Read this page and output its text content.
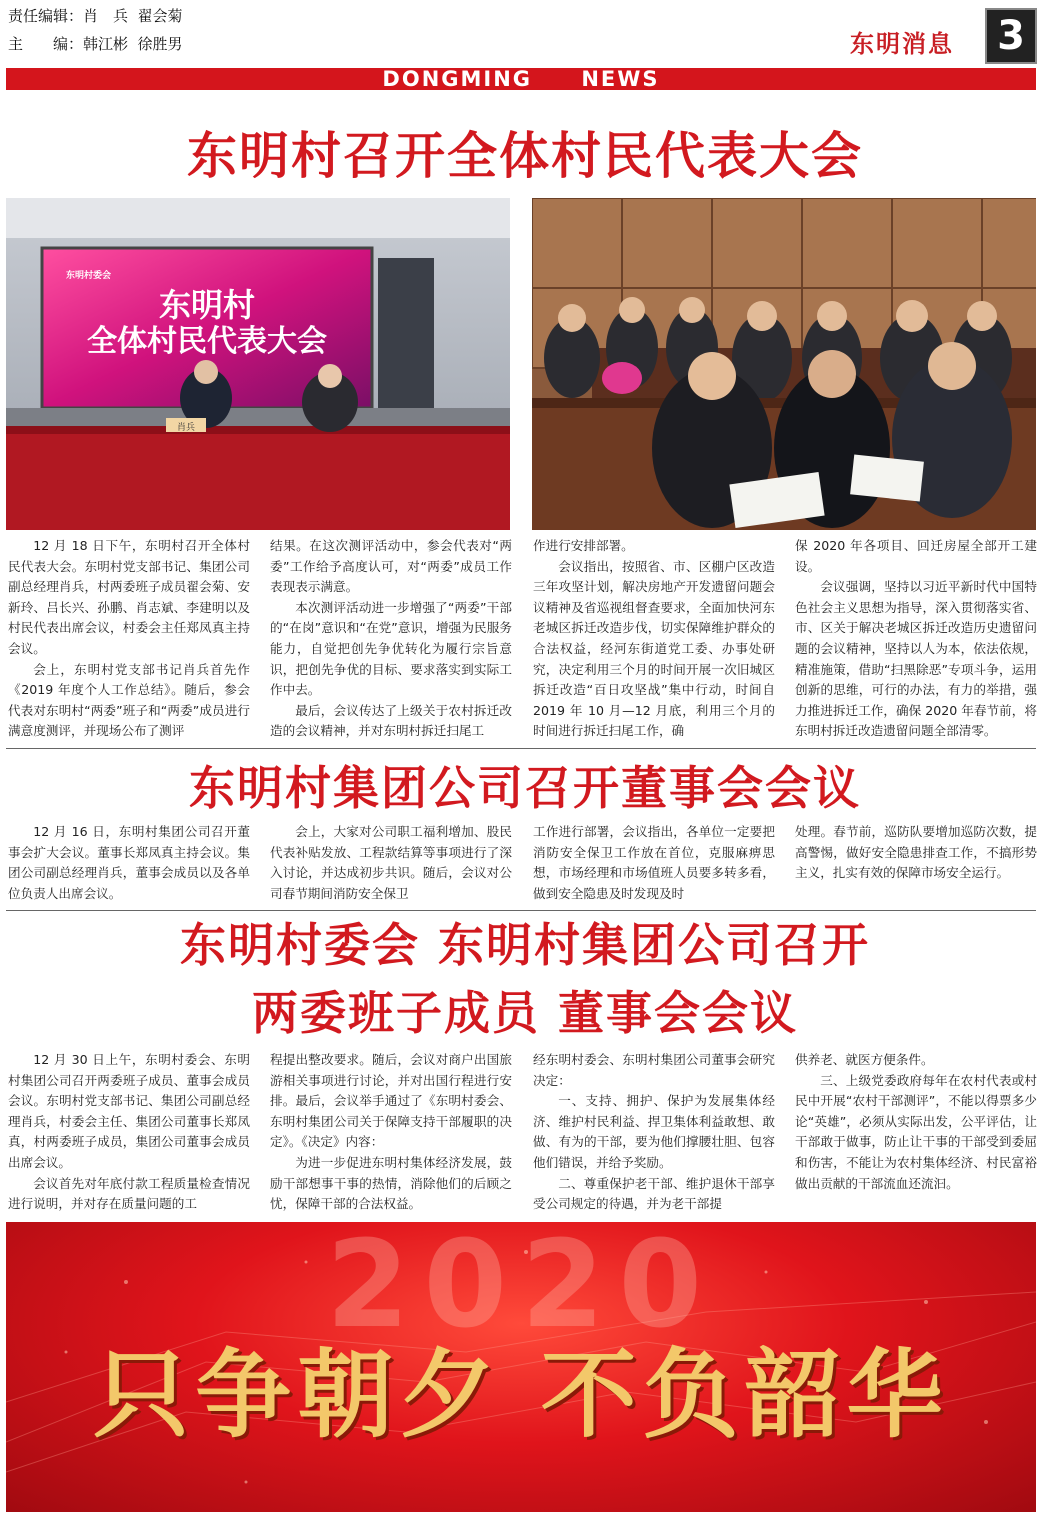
责任编辑：肖　兵  翟会菊
主　　编：韩江彬  徐胜男	东明消息	3
DONGMING NEWS
东明村召开全体村民代表大会
东明村委会
东明村
全体村民代表大会
肖兵

12 月 18 日下午，东明村召开全体村民代表大会。东明村党支部书记、集团公司副总经理肖兵，村两委班子成员翟会菊、安新玲、吕长兴、孙鹏、肖志斌、李建明以及村民代表出席会议，村委会主任郑凤真主持会议。

会上，东明村党支部书记肖兵首先作《2019 年度个人工作总结》。随后，参会代表对东明村“两委”班子和“两委”成员进行满意度测评，并现场公布了测评

结果。在这次测评活动中，参会代表对“两委”工作给予高度认可，对“两委”成员工作表现表示满意。

本次测评活动进一步增强了“两委”干部的“在岗”意识和“在党”意识，增强为民服务能力，自觉把创先争优转化为履行宗旨意识，把创先争优的目标、要求落实到实际工作中去。

最后，会议传达了上级关于农村拆迁改造的会议精神，并对东明村拆迁扫尾工

作进行安排部署。

会议指出，按照省、市、区棚户区改造三年攻坚计划，解决房地产开发遗留问题会议精神及省巡视组督查要求，全面加快河东老城区拆迁改造步伐，切实保障维护群众的合法权益，经河东街道党工委、办事处研究，决定利用三个月的时间开展一次旧城区拆迁改造“百日攻坚战”集中行动，时间自 2019 年 10 月—12 月底，利用三个月的时间进行拆迁扫尾工作，确

保 2020 年各项目、回迁房屋全部开工建设。

会议强调，坚持以习近平新时代中国特色社会主义思想为指导，深入贯彻落实省、市、区关于解决老城区拆迁改造历史遗留问题的会议精神，坚持以人为本，依法依规，精准施策，借助“扫黑除恶”专项斗争，运用创新的思维，可行的办法，有力的举措，强力推进拆迁工作，确保 2020 年春节前，将东明村拆迁改造遗留问题全部清零。

东明村集团公司召开董事会会议

12 月 16 日，东明村集团公司召开董事会扩大会议。董事长郑凤真主持会议。集团公司副总经理肖兵，董事会成员以及各单位负责人出席会议。

会上，大家对公司职工福利增加、股民代表补贴发放、工程款结算等事项进行了深入讨论，并达成初步共识。随后，会议对公司春节期间消防安全保卫

工作进行部署，会议指出，各单位一定要把消防安全保卫工作放在首位，克服麻痹思想，市场经理和市场值班人员要多转多看，做到安全隐患及时发现及时

处理。春节前，巡防队要增加巡防次数，提高警惕，做好安全隐患排查工作，不搞形势主义，扎实有效的保障市场安全运行。

东明村委会 东明村集团公司召开
两委班子成员 董事会会议

12 月 30 日上午，东明村委会、东明村集团公司召开两委班子成员、董事会成员会议。东明村党支部书记、集团公司副总经理肖兵，村委会主任、集团公司董事长郑凤真，村两委班子成员，集团公司董事会成员出席会议。

会议首先对年底付款工程质量检查情况进行说明，并对存在质量问题的工

程提出整改要求。随后，会议对商户出国旅游相关事项进行讨论，并对出国行程进行安排。最后，会议举手通过了《东明村委会、东明村集团公司关于保障支持干部履职的决定》。《决定》内容：

为进一步促进东明村集体经济发展，鼓励干部想事干事的热情，消除他们的后顾之忧，保障干部的合法权益。

经东明村委会、东明村集团公司董事会研究决定：

一、支持、拥护、保护为发展集体经济、维护村民利益、捍卫集体利益敢想、敢做、有为的干部，要为他们撑腰壮胆、包容他们错误，并给予奖励。

二、尊重保护老干部、维护退休干部享受公司规定的待遇，并为老干部提

供养老、就医方便条件。

三、上级党委政府每年在农村代表或村民中开展“农村干部测评”，不能以得票多少论“英雄”，必须从实际出发，公平评估，让干部敢于做事，防止让干事的干部受到委屈和伤害，不能让为农村集体经济、村民富裕做出贡献的干部流血还流汩。

2020
只争朝夕 不负韶华
